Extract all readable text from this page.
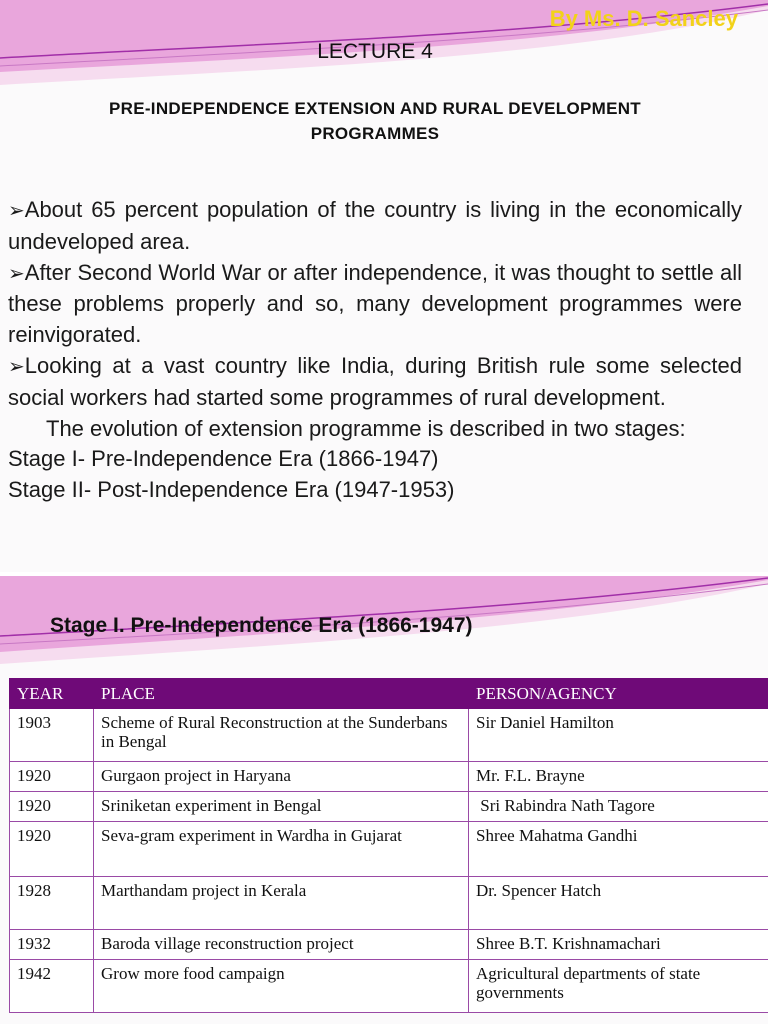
By Ms. D. Sancley
LECTURE 4
PRE-INDEPENDENCE EXTENSION AND RURAL DEVELOPMENT
PROGRAMMES

➢About 65 percent population of the country is living in the economically undeveloped area.

➢After Second World War or after independence, it was thought to settle all these problems properly and so, many development programmes were reinvigorated.

➢Looking at a vast country like India, during British rule some selected social workers had started some programmes of rural development.

The evolution of extension programme is described in two stages:

Stage I- Pre-Independence Era (1866-1947)

Stage II- Post-Independence Era (1947-1953)

Stage I. Pre-Independence Era (1866-1947)
YEAR	PLACE	PERSON/AGENCY
1903	Scheme of Rural Reconstruction at the Sunderbans in Bengal	Sir Daniel Hamilton
1920	Gurgaon project in Haryana	Mr. F.L. Brayne
1920	Sriniketan experiment in Bengal	Sri Rabindra Nath Tagore
1920	Seva-gram experiment in Wardha in Gujarat	Shree Mahatma Gandhi
1928	Marthandam project in Kerala	Dr. Spencer Hatch
1932	Baroda village reconstruction project	Shree B.T. Krishnamachari
1942	Grow more food campaign	Agricultural departments of state governments
